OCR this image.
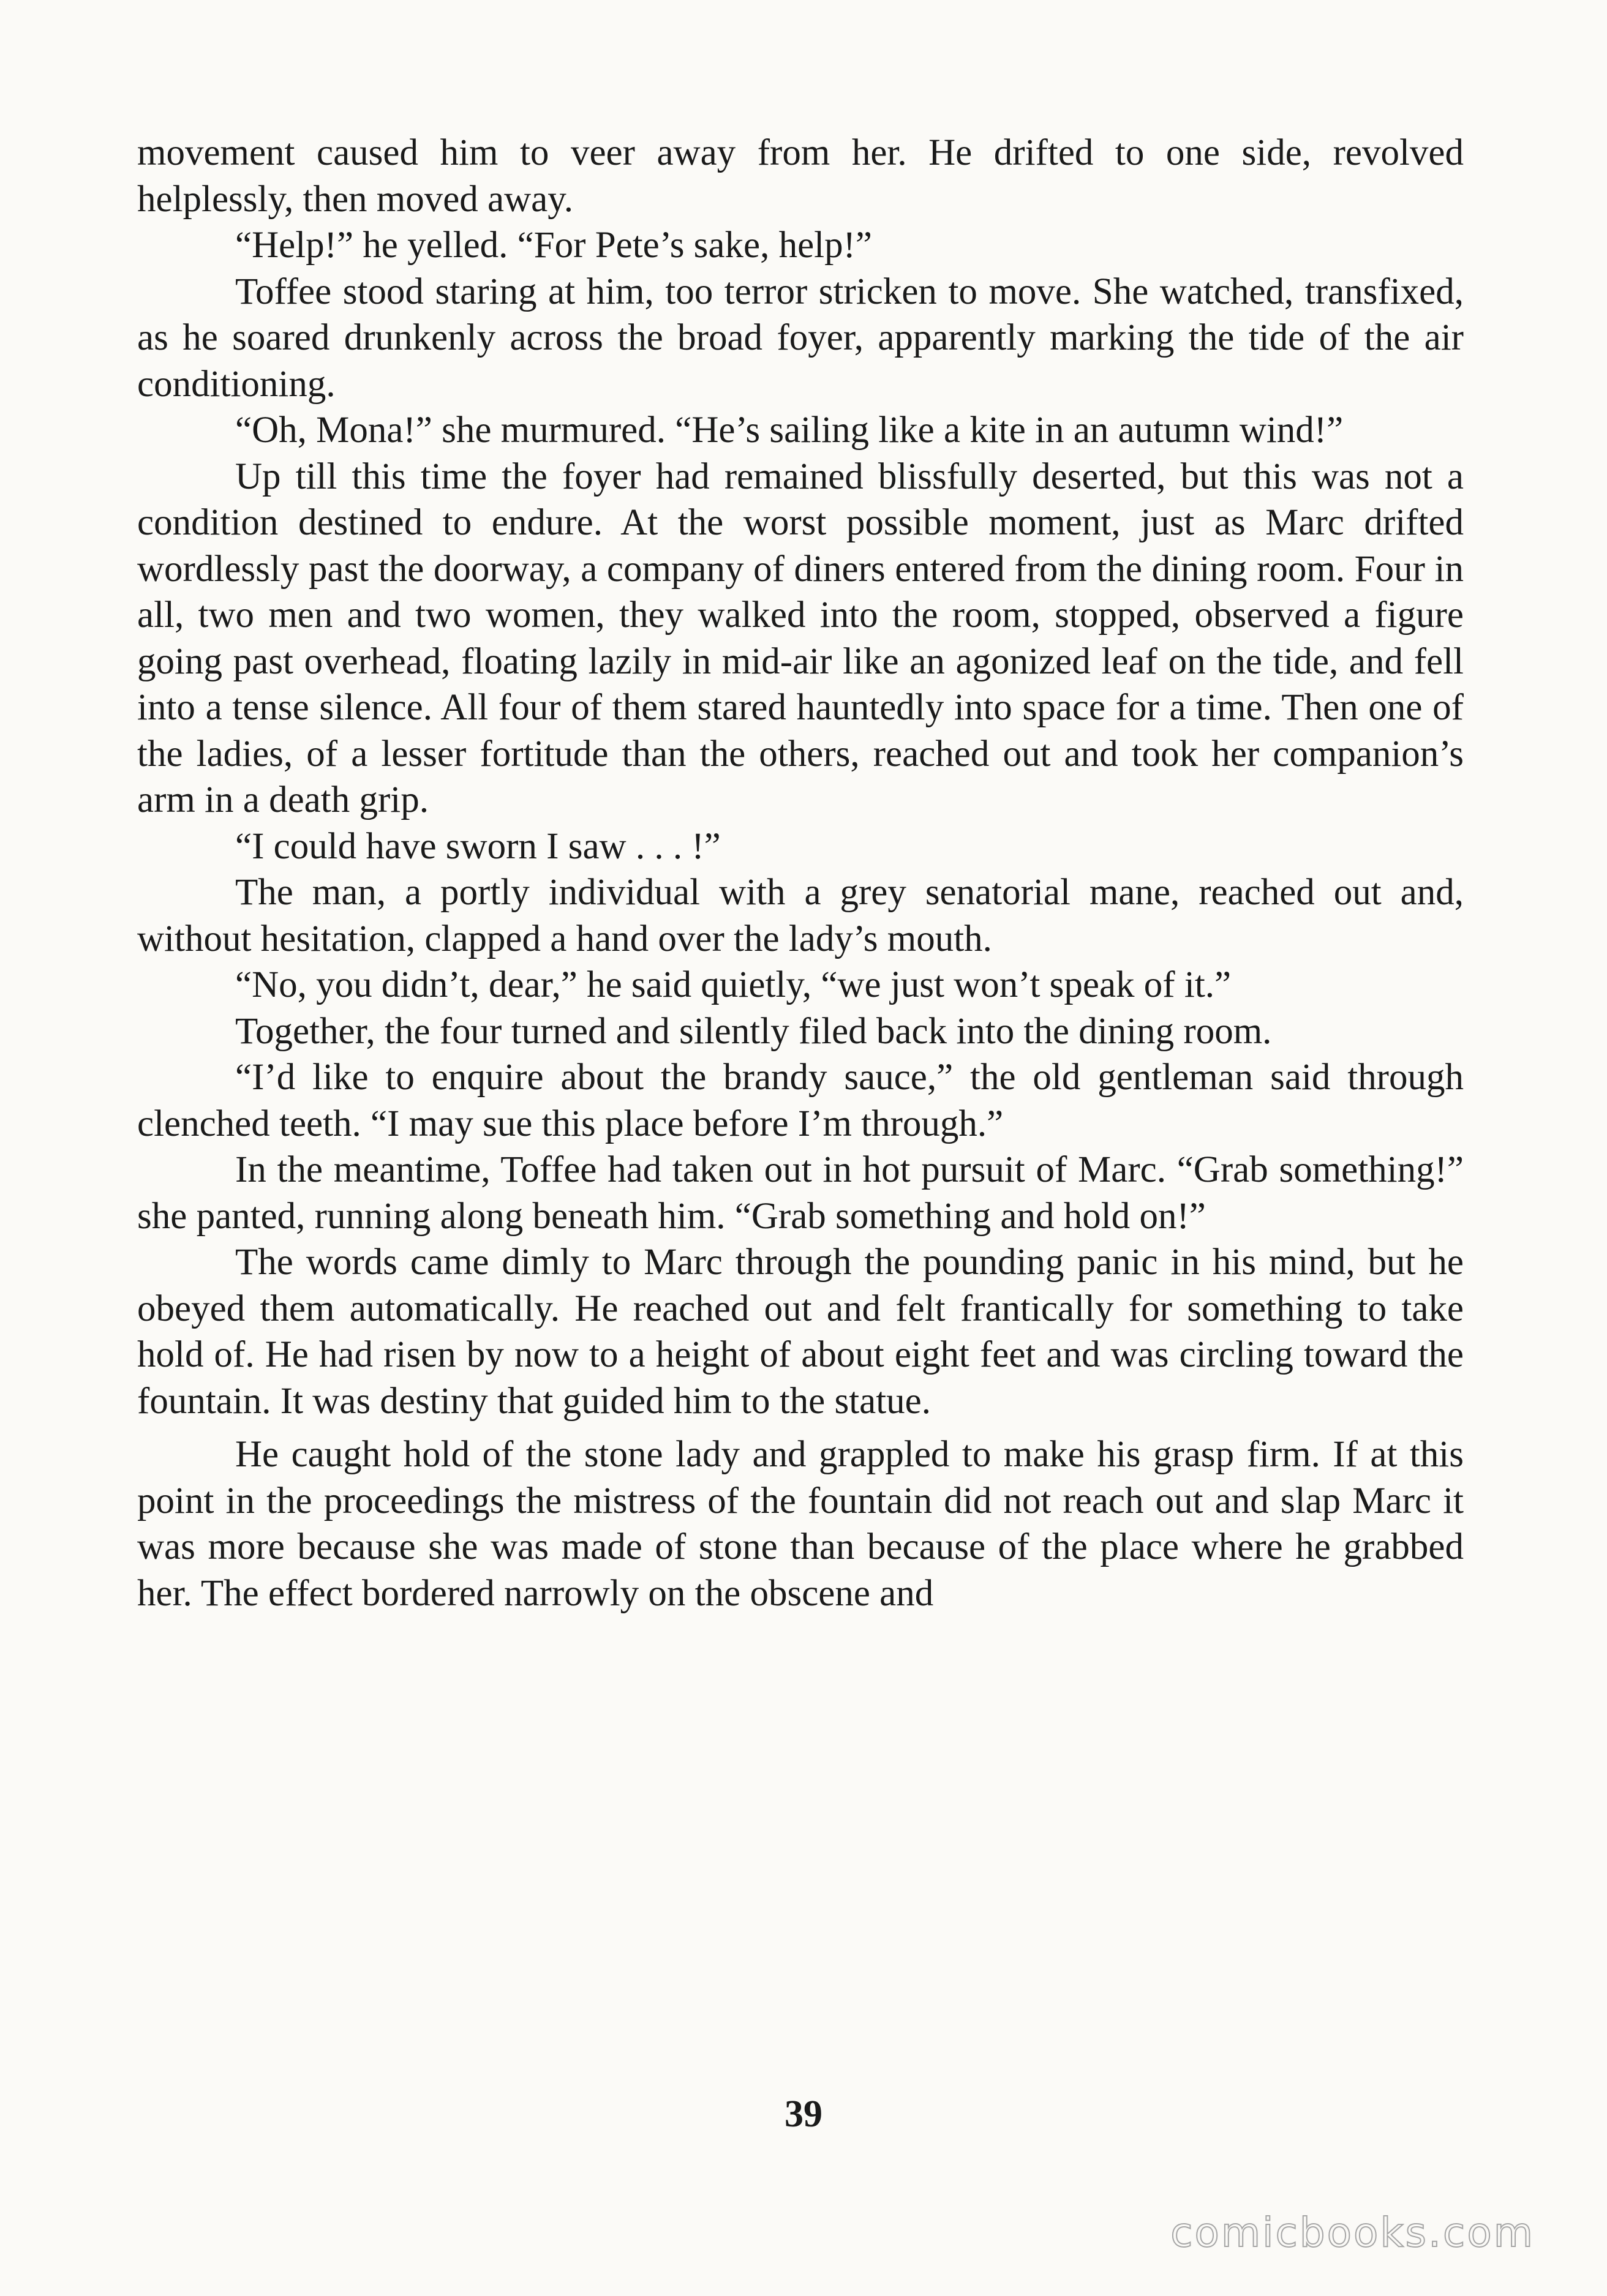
movement caused him to veer away from her. He drifted to one side, revolved helplessly, then moved away.

“Help!” he yelled. “For Pete’s sake, help!”

Toffee stood staring at him, too terror stricken to move. She watched, transfixed, as he soared drunkenly across the broad foyer, apparently marking the tide of the air conditioning.

“Oh, Mona!” she murmured. “He’s sailing like a kite in an autumn wind!”

Up till this time the foyer had remained blissfully deserted, but this was not a condition destined to endure. At the worst possible moment, just as Marc drifted wordlessly past the doorway, a company of diners entered from the dining room. Four in all, two men and two women, they walked into the room, stopped, observed a figure going past overhead, floating lazily in mid-air like an agonized leaf on the tide, and fell into a tense silence. All four of them stared hauntedly into space for a time. Then one of the ladies, of a lesser fortitude than the others, reached out and took her companion’s arm in a death grip.

“I could have sworn I saw . . . !”

The man, a portly individual with a grey senatorial mane, reached out and, without hesitation, clapped a hand over the lady’s mouth.

“No, you didn’t, dear,” he said quietly, “we just won’t speak of it.”

Together, the four turned and silently filed back into the dining room.

“I’d like to enquire about the brandy sauce,” the old gentleman said through clenched teeth. “I may sue this place before I’m through.”

In the meantime, Toffee had taken out in hot pursuit of Marc. “Grab something!” she panted, running along beneath him. “Grab something and hold on!”

The words came dimly to Marc through the pounding panic in his mind, but he obeyed them automatically. He reached out and felt frantically for something to take hold of. He had risen by now to a height of about eight feet and was circling toward the fountain. It was destiny that guided him to the statue.

He caught hold of the stone lady and grappled to make his grasp firm. If at this point in the proceedings the mistress of the fountain did not reach out and slap Marc it was more because she was made of stone than because of the place where he grabbed her. The effect bordered narrowly on the obscene and

39
comicbooks.com
